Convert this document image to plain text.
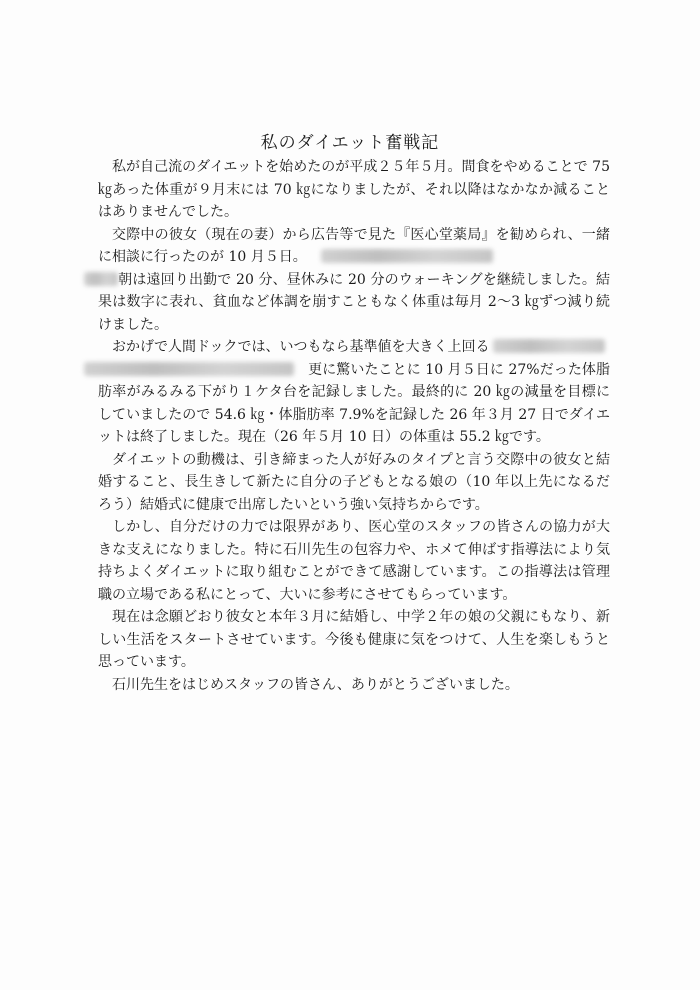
私のダイエット奮戦記

私が自己流のダイエットを始めたのが平成２５年５月。間食をやめることで 75 ㎏あった体重が９月末には 70 ㎏になりましたが、それ以降はなかなか減ることはありませんでした。

交際中の彼女（現在の妻）から広告等で見た『医心堂薬局』を勧められ、一緒に相談に行ったのが 10 月５日。
朝は遠回り出勤で 20 分、昼休みに 20 分のウォーキングを継続しました。結果は数字に表れ、貧血など体調を崩すこともなく体重は毎月 2～3 ㎏ずつ減り続けました。

おかげで人間ドックでは、いつもなら基準値を大きく上回る
　更に驚いたことに 10 月５日に 27%だった体脂肪率がみるみる下がり１ケタ台を記録しました。最終的に 20 ㎏の減量を目標にしていましたので 54.6 ㎏・体脂肪率 7.9%を記録した 26 年３月 27 日でダイエットは終了しました。現在（26 年５月 10 日）の体重は 55.2 ㎏です。

ダイエットの動機は、引き締まった人が好みのタイプと言う交際中の彼女と結婚すること、長生きして新たに自分の子どもとなる娘の（10 年以上先になるだろう）結婚式に健康で出席したいという強い気持ちからです。

しかし、自分だけの力では限界があり、医心堂のスタッフの皆さんの協力が大きな支えになりました。特に石川先生の包容力や、ホメて伸ばす指導法により気持ちよくダイエットに取り組むことができて感謝しています。この指導法は管理職の立場である私にとって、大いに参考にさせてもらっています。

現在は念願どおり彼女と本年３月に結婚し、中学２年の娘の父親にもなり、新しい生活をスタートさせています。今後も健康に気をつけて、人生を楽しもうと思っています。

石川先生をはじめスタッフの皆さん、ありがとうございました。
